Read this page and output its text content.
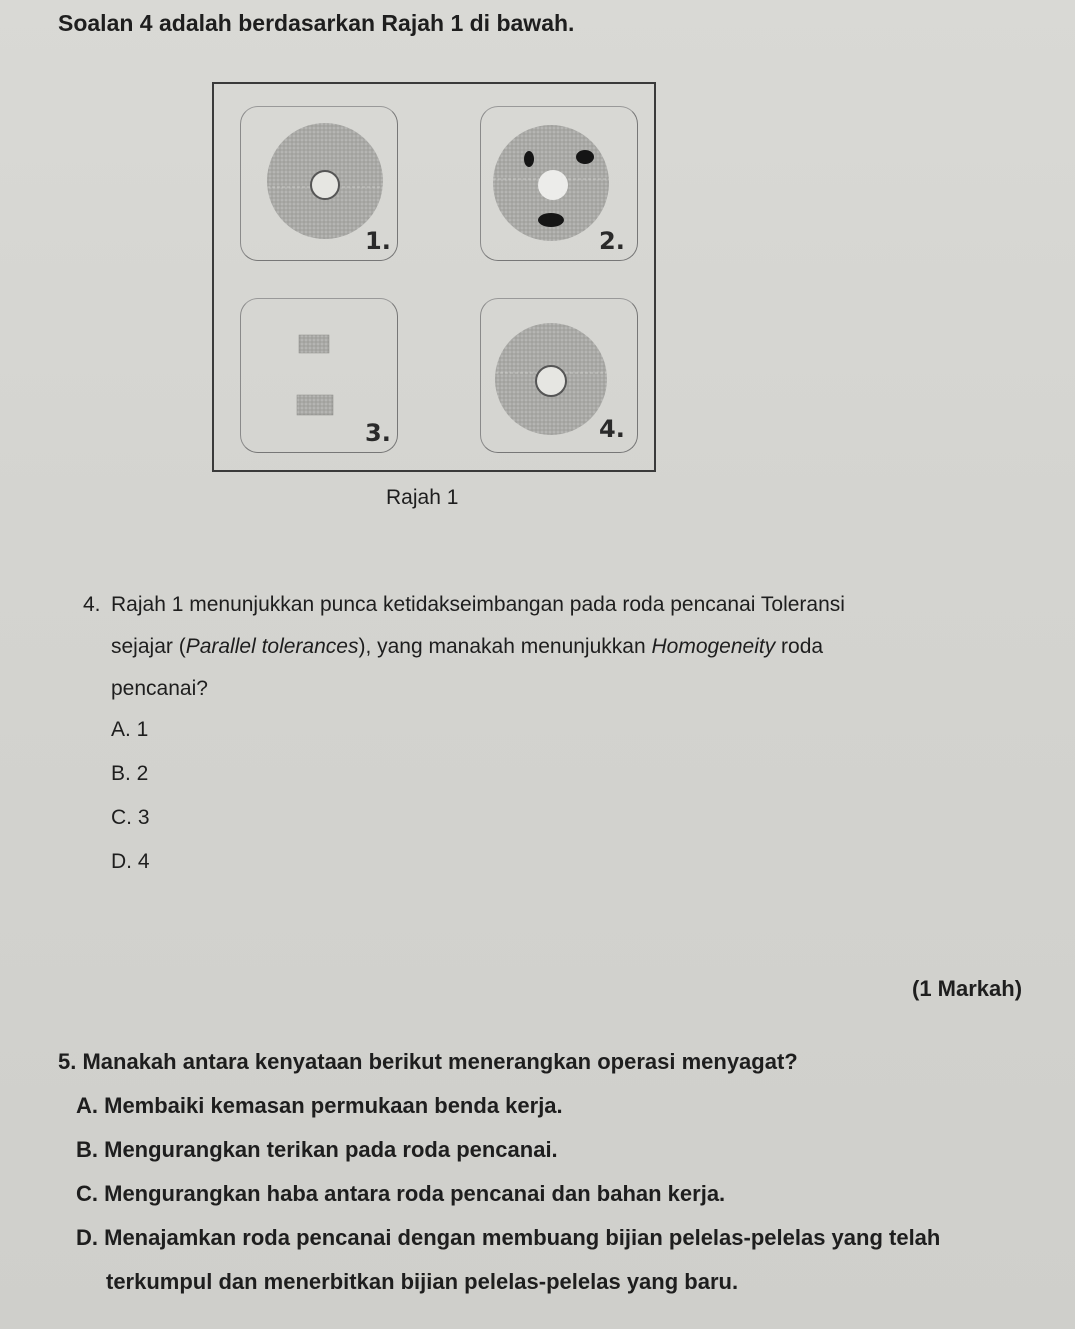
Soalan 4 adalah berdasarkan Rajah 1 di bawah.
1.	2.
3.	4.
Rajah 1
4. Rajah 1 menunjukkan punca ketidakseimbangan pada roda pencanai Toleransi
sejajar (Parallel tolerances), yang manakah menunjukkan Homogeneity roda
pencanai?
A. 1
B. 2
C. 3
D. 4
(1 Markah)
5. Manakah antara kenyataan berikut menerangkan operasi menyagat?
A. Membaiki kemasan permukaan benda kerja.
B. Mengurangkan terikan pada roda pencanai.
C. Mengurangkan haba antara roda pencanai dan bahan kerja.
D. Menajamkan roda pencanai dengan membuang bijian pelelas-pelelas yang telah
terkumpul dan menerbitkan bijian pelelas-pelelas yang baru.
